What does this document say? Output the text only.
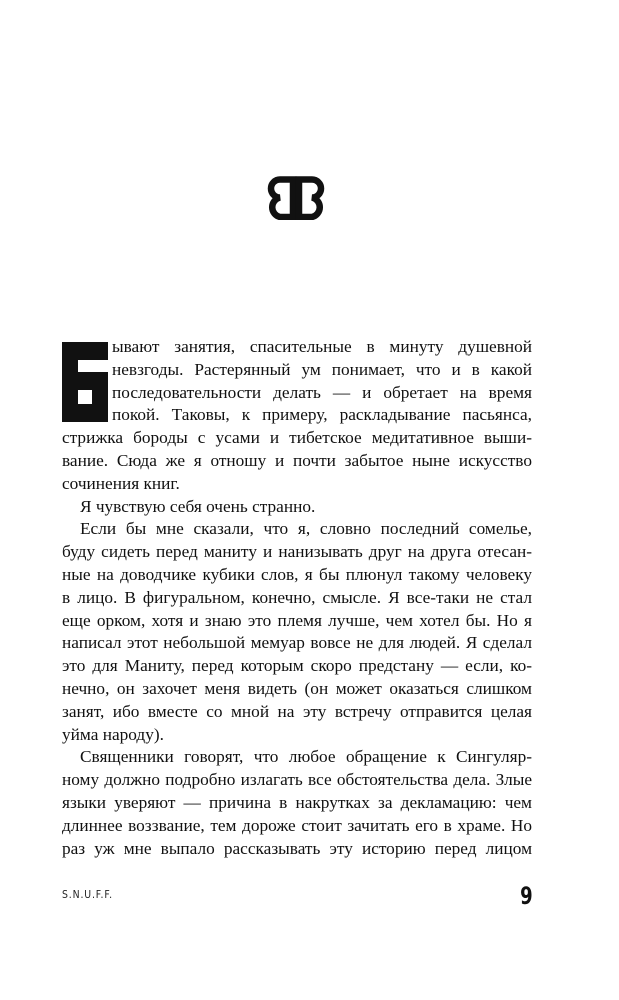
ывают занятия, спасительные в минуту душевной
невзгоды. Растерянный ум понимает, что и в какой
последовательности делать — и обретает на время
покой. Таковы, к примеру, раскладывание пасьянса,
стрижка бороды с усами и тибетское медитативное выши-
вание. Сюда же я отношу и почти забытое ныне искусство
сочинения книг.
Я чувствую себя очень странно.
Если бы мне сказали, что я, словно последний сомелье,
буду сидеть перед манитy и нанизывать друг на друга отесан-
ные на доводчике кубики слов, я бы плюнул такому человеку
в лицо. В фигуральном, конечно, смысле. Я все-таки не стал
еще орком, хотя и знаю это племя лучше, чем хотел бы. Но я
написал этот небольшой мемуар вовсе не для людей. Я сделал
это для Маниту, перед которым скоро предстану — если, ко-
нечно, он захочет меня видеть (он может оказаться слишком
занят, ибо вместе со мной на эту встречу отправится целая
уйма народу).
Священники говорят, что любое обращение к Сингуляр-
ному должно подробно излагать все обстоятельства дела. Злые
языки уверяют — причина в накрутках за декламацию: чем
длиннее воззвание, тем дороже стоит зачитать его в храме. Но
раз уж мне выпало рассказывать эту историю перед лицом
S.N.U.F.F.	9
